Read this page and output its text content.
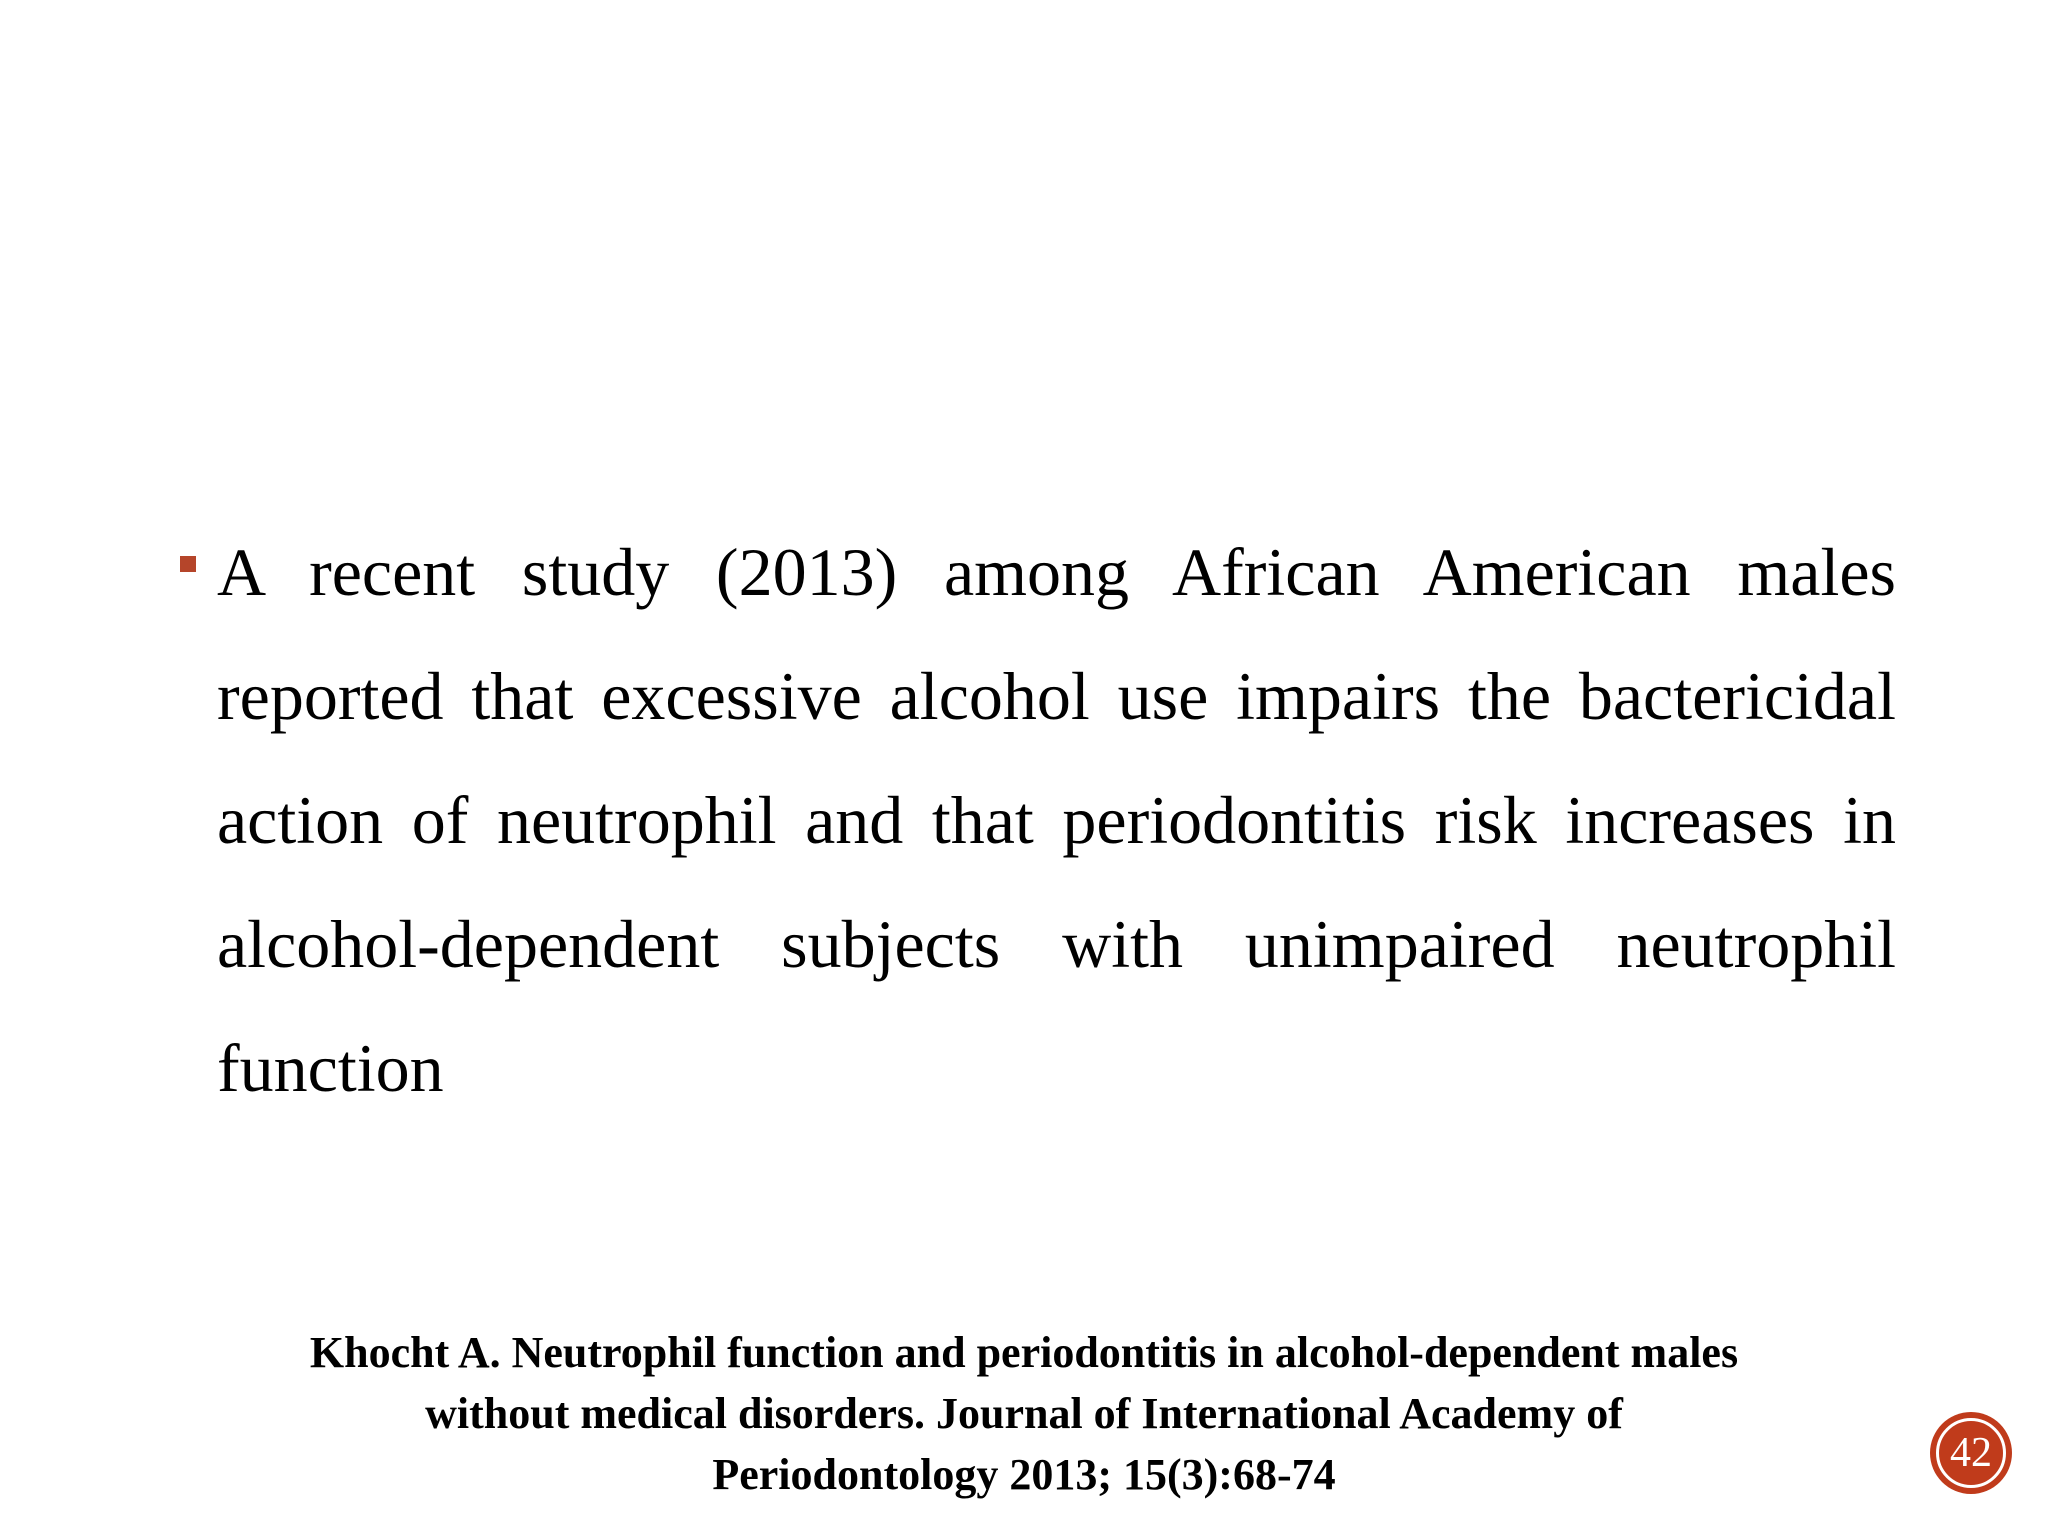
A recent study (2013) among African American males reported that excessive alcohol use impairs the bactericidal action of neutrophil and that periodontitis risk increases in alcohol-dependent subjects with unimpaired neutrophil function
Khocht A. Neutrophil function and periodontitis in alcohol-dependent males
without medical disorders. Journal of International Academy of
Periodontology 2013; 15(3):68-74	42
